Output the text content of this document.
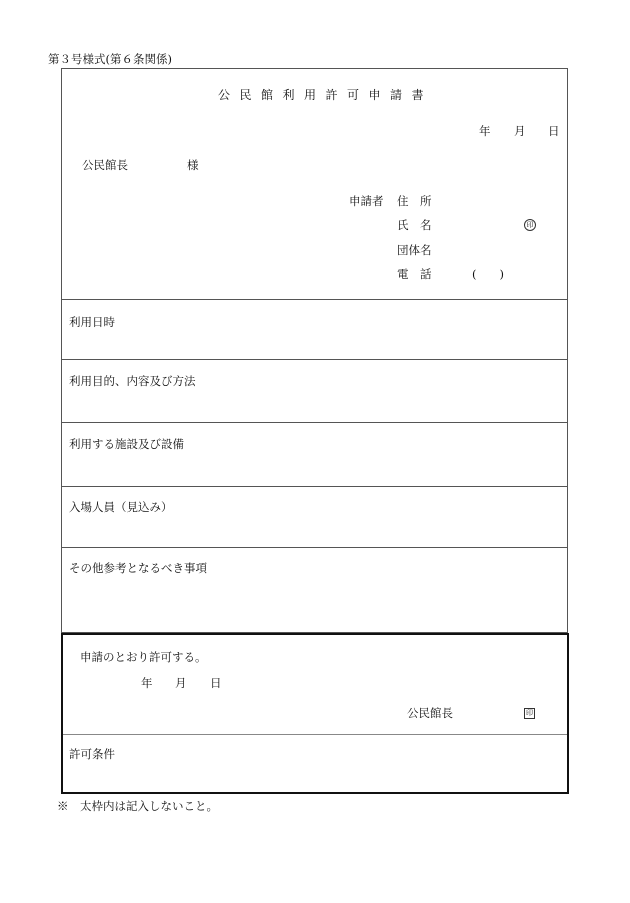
第３号様式(第６条関係)
公民館利用許可申請書
年 月 日
公民館長	様
申請者 住　所
氏　名	印
団体名
電　話	(　　)
利用日時
利用目的、内容及び方法
利用する施設及び設備
入場人員（見込み）
その他参考となるべき事項
申請のとおり許可する。
年 月 日
公民館長	印
許可条件
※　太枠内は記入しないこと。
